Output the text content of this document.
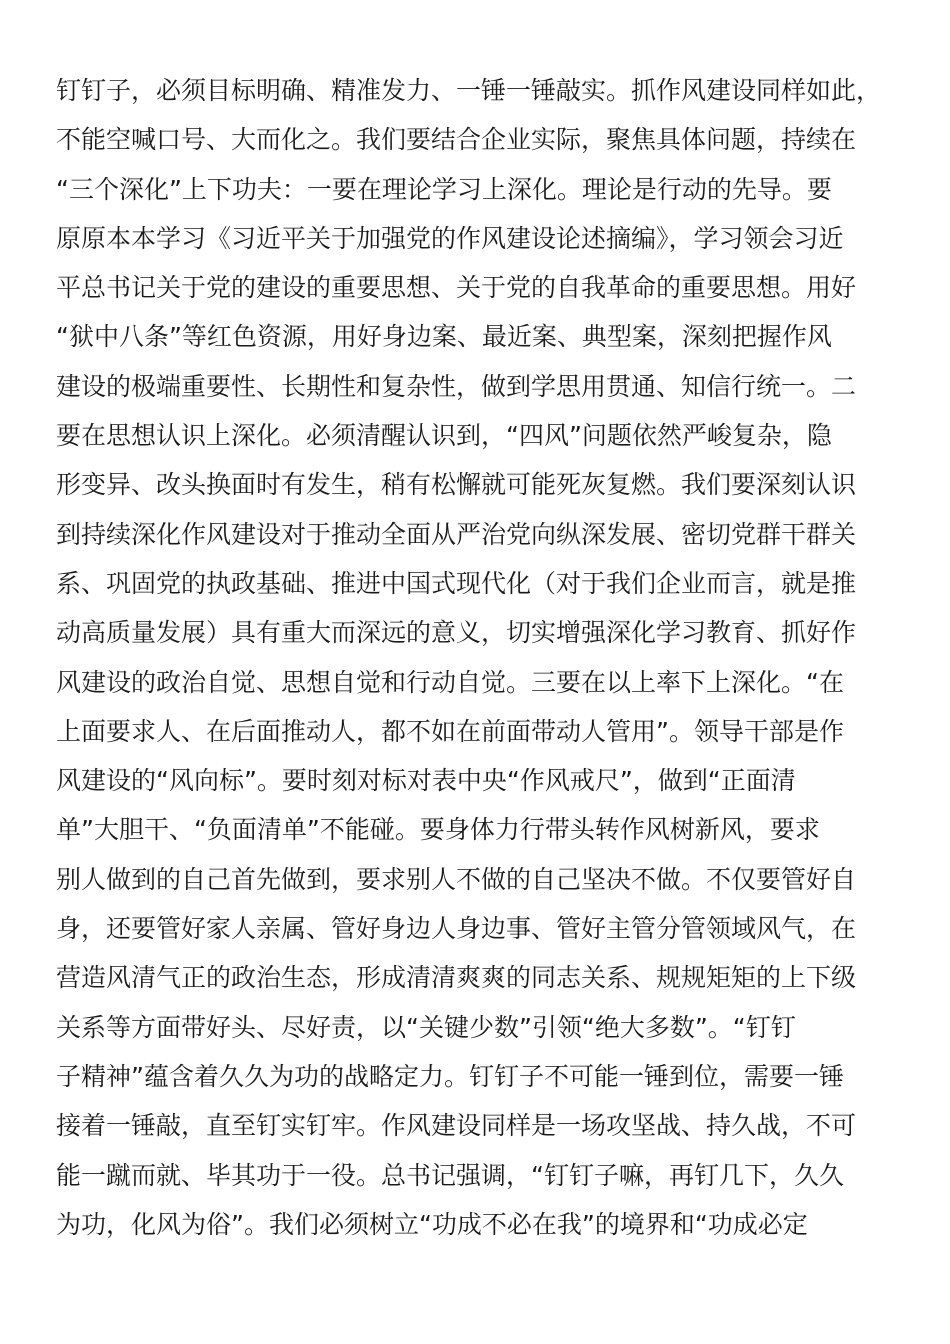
钉钉子，必须目标明确、精准发力、一锤一锤敲实。抓作风建设同样如此，
不能空喊口号、大而化之。我们要结合企业实际，聚焦具体问题，持续在
“三个深化”上下功夫：一要在理论学习上深化。理论是行动的先导。要
原原本本学习《习近平关于加强党的作风建设论述摘编》，学习领会习近
平总书记关于党的建设的重要思想、关于党的自我革命的重要思想。用好
“狱中八条”等红色资源，用好身边案、最近案、典型案，深刻把握作风
建设的极端重要性、长期性和复杂性，做到学思用贯通、知信行统一。二
要在思想认识上深化。必须清醒认识到，“四风”问题依然严峻复杂，隐
形变异、改头换面时有发生，稍有松懈就可能死灰复燃。我们要深刻认识
到持续深化作风建设对于推动全面从严治党向纵深发展、密切党群干群关
系、巩固党的执政基础、推进中国式现代化（对于我们企业而言，就是推
动高质量发展）具有重大而深远的意义，切实增强深化学习教育、抓好作
风建设的政治自觉、思想自觉和行动自觉。三要在以上率下上深化。“在
上面要求人、在后面推动人，都不如在前面带动人管用”。领导干部是作
风建设的“风向标”。要时刻对标对表中央“作风戒尺”，做到“正面清
单”大胆干、“负面清单”不能碰。要身体力行带头转作风树新风，要求
别人做到的自己首先做到，要求别人不做的自己坚决不做。不仅要管好自
身，还要管好家人亲属、管好身边人身边事、管好主管分管领域风气，在
营造风清气正的政治生态，形成清清爽爽的同志关系、规规矩矩的上下级
关系等方面带好头、尽好责，以“关键少数”引领“绝大多数”。“钉钉
子精神”蕴含着久久为功的战略定力。钉钉子不可能一锤到位，需要一锤
接着一锤敲，直至钉实钉牢。作风建设同样是一场攻坚战、持久战，不可
能一蹴而就、毕其功于一役。总书记强调，“钉钉子嘛，再钉几下，久久
为功，化风为俗”。我们必须树立“功成不必在我”的境界和“功成必定
